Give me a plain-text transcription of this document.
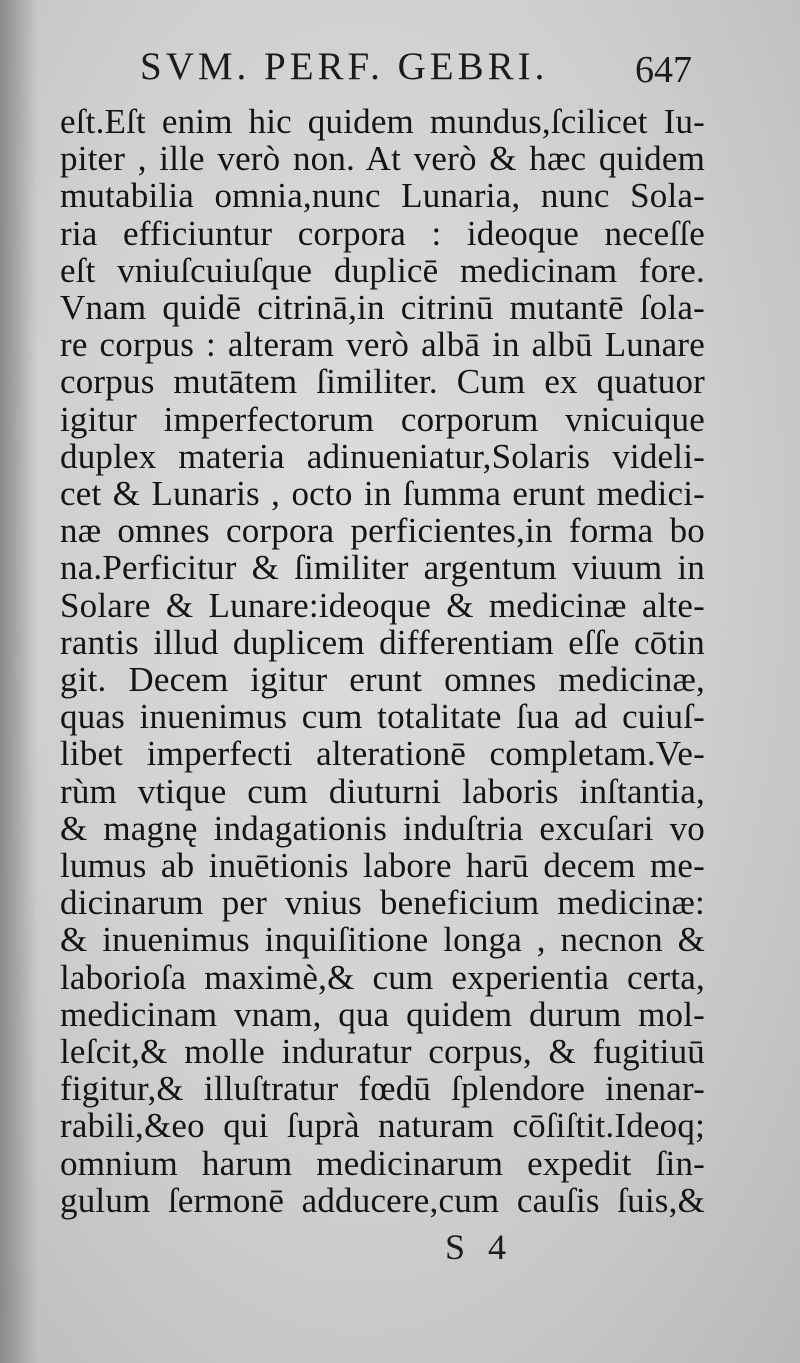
SVM. PERF. GEBRI. 647
eſt.Eſt enim hic quidem mundus,ſcilicet Iu-
piter , ille verò non. At verò & hæc quidem
mutabilia omnia,nunc Lunaria, nunc Sola-
ria efficiuntur corpora : ideoque neceſſe
eſt vniuſcuiuſque duplicē medicinam fore.
Vnam quidē citrinā,in citrinū mutantē ſola-
re corpus : alteram verò albā in albū Lunare
corpus mutātem ſimiliter. Cum ex quatuor
igitur imperfectorum corporum vnicuique
duplex materia adinueniatur,Solaris videli-
cet & Lunaris , octo in ſumma erunt medici-
næ omnes corpora perficientes,in forma bo
na.Perficitur & ſimiliter argentum viuum in
Solare & Lunare:ideoque & medicinæ alte-
rantis illud duplicem differentiam eſſe cōtin
git. Decem igitur erunt omnes medicinæ,
quas inuenimus cum totalitate ſua ad cuiuſ-
libet imperfecti alterationē completam.Ve-
rùm vtique cum diuturni laboris inſtantia,
& magnę indagationis induſtria excuſari vo
lumus ab inuētionis labore harū decem me-
dicinarum per vnius beneficium medicinæ:
& inuenimus inquiſitione longa , necnon &
laborioſa maximè,& cum experientia certa,
medicinam vnam, qua quidem durum mol-
leſcit,& molle induratur corpus, & fugitiuū
figitur,& illuſtratur fœdū ſplendore inenar-
rabili,&eo qui ſuprà naturam cōſiſtit.Ideoq;
omnium harum medicinarum expedit ſin-
gulum ſermonē adducere,cum cauſis ſuis,&
S 4
